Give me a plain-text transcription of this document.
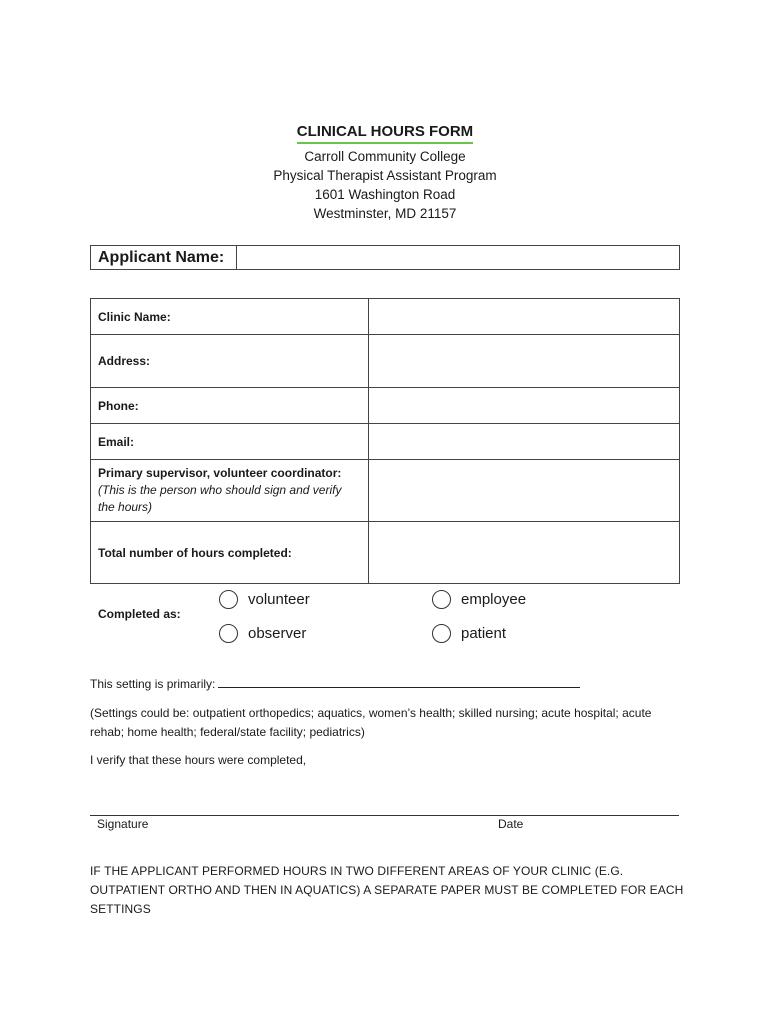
CLINICAL HOURS FORM
Carroll Community College
Physical Therapist Assistant Program
1601 Washington Road
Westminster, MD 21157
Applicant Name:
Clinic Name:	
Address:	
Phone:	
Email:	

Primary supervisor, volunteer coordinator:
(This is the person who should sign and verify the hours)	

Total number of hours completed:	
Completed as:
volunteer	employee
observer	patient
This setting is primarily:
(Settings could be: outpatient orthopedics; aquatics, women’s health; skilled nursing; acute hospital; acute rehab; home health; federal/state facility; pediatrics)
I verify that these hours were completed,
Signature	Date
IF THE APPLICANT PERFORMED HOURS IN TWO DIFFERENT AREAS OF YOUR CLINIC (E.G. OUTPATIENT ORTHO AND THEN IN AQUATICS) A SEPARATE PAPER MUST BE COMPLETED FOR EACH SETTINGS
